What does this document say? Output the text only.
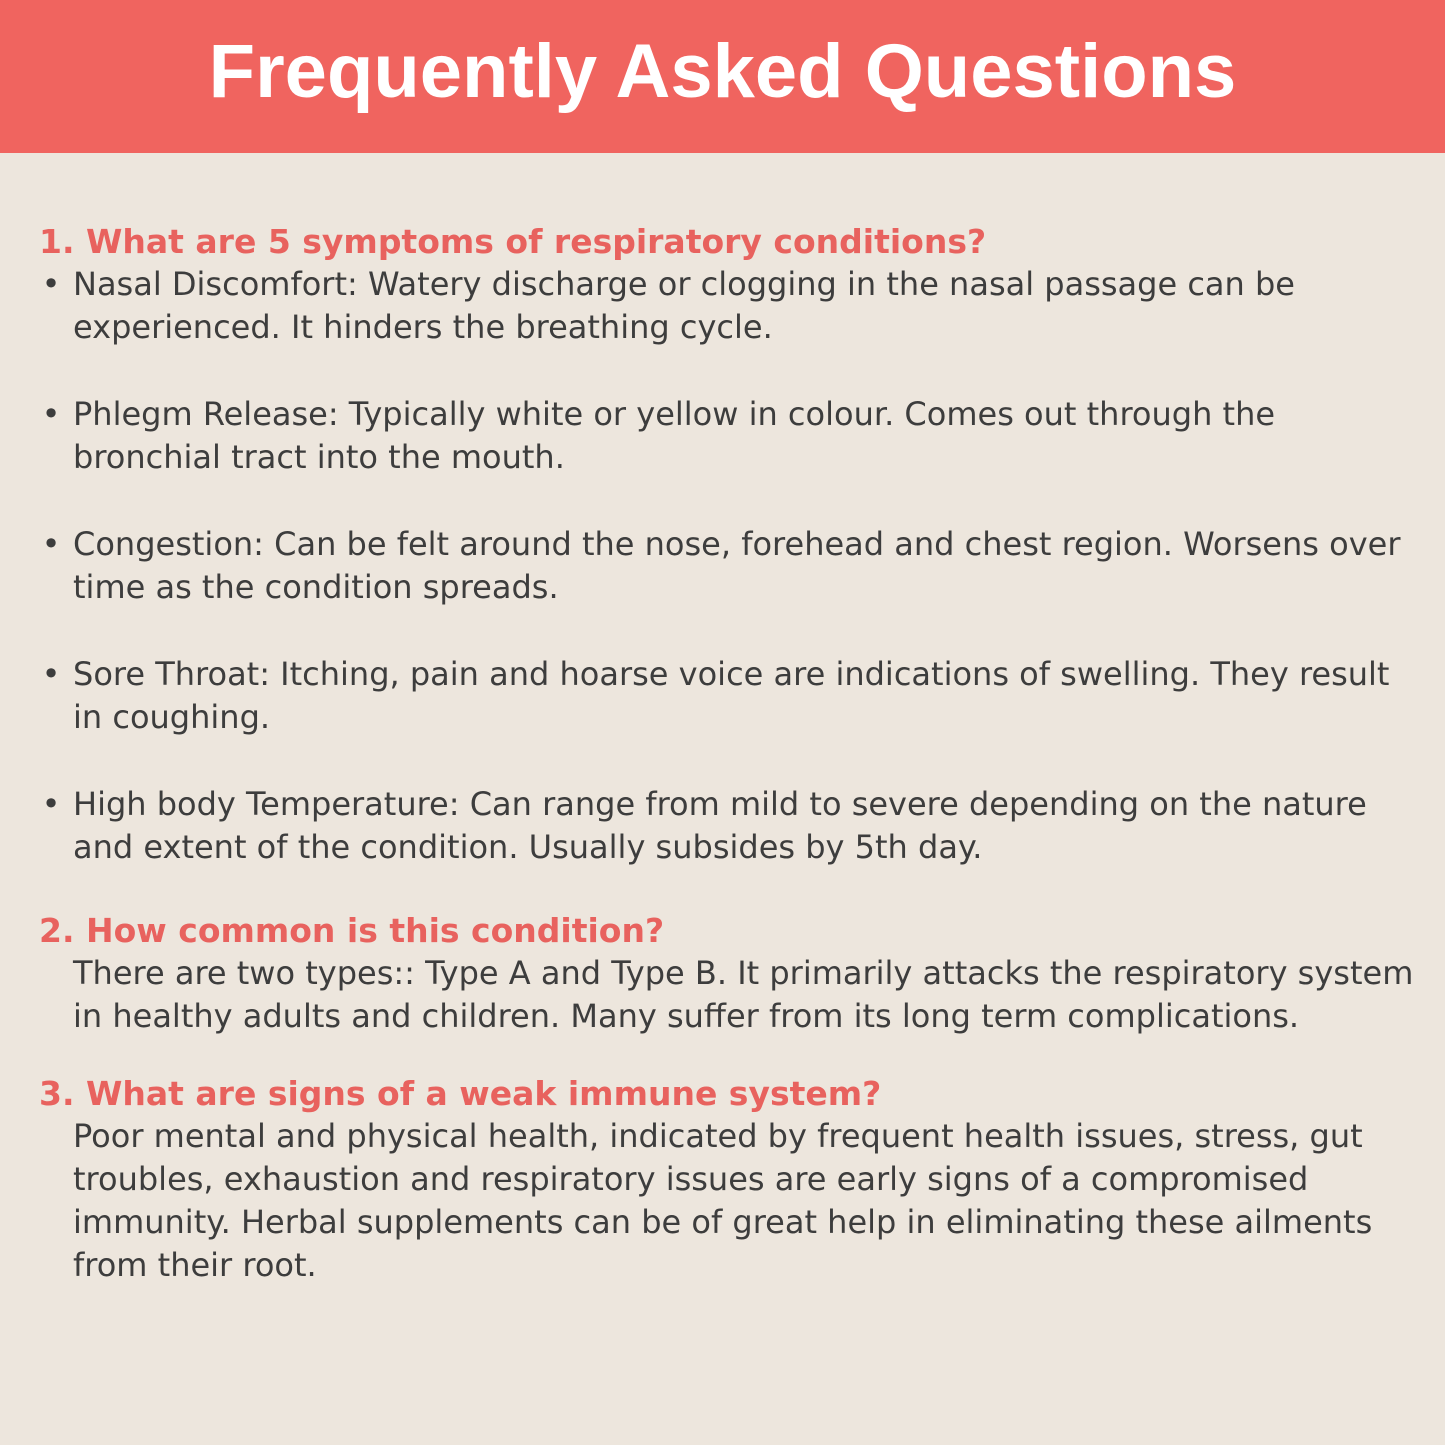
Frequently Asked Questions
1. What are 5 symptoms of respiratory conditions?
• Nasal Discomfort: Watery discharge or clogging in the nasal passage can be experienced. It hinders the breathing cycle.
• Phlegm Release: Typically white or yellow in colour. Comes out through the bronchial tract into the mouth.
• Congestion: Can be felt around the nose, forehead and chest region. Worsens over time as the condition spreads.
• Sore Throat: Itching, pain and hoarse voice are indications of swelling. They result in coughing.
• High body Temperature: Can range from mild to severe depending on the nature and extent of the condition. Usually subsides by 5th day.
2. How common is this condition?

There are two types:: Type A and Type B. It primarily attacks the respiratory system in healthy adults and children. Many suffer from its long term complications.

3. What are signs of a weak immune system?

Poor mental and physical health, indicated by frequent health issues, stress, gut troubles, exhaustion and respiratory issues are early signs of a compromised immunity. Herbal supplements can be of great help in eliminating these ailments from their root.
